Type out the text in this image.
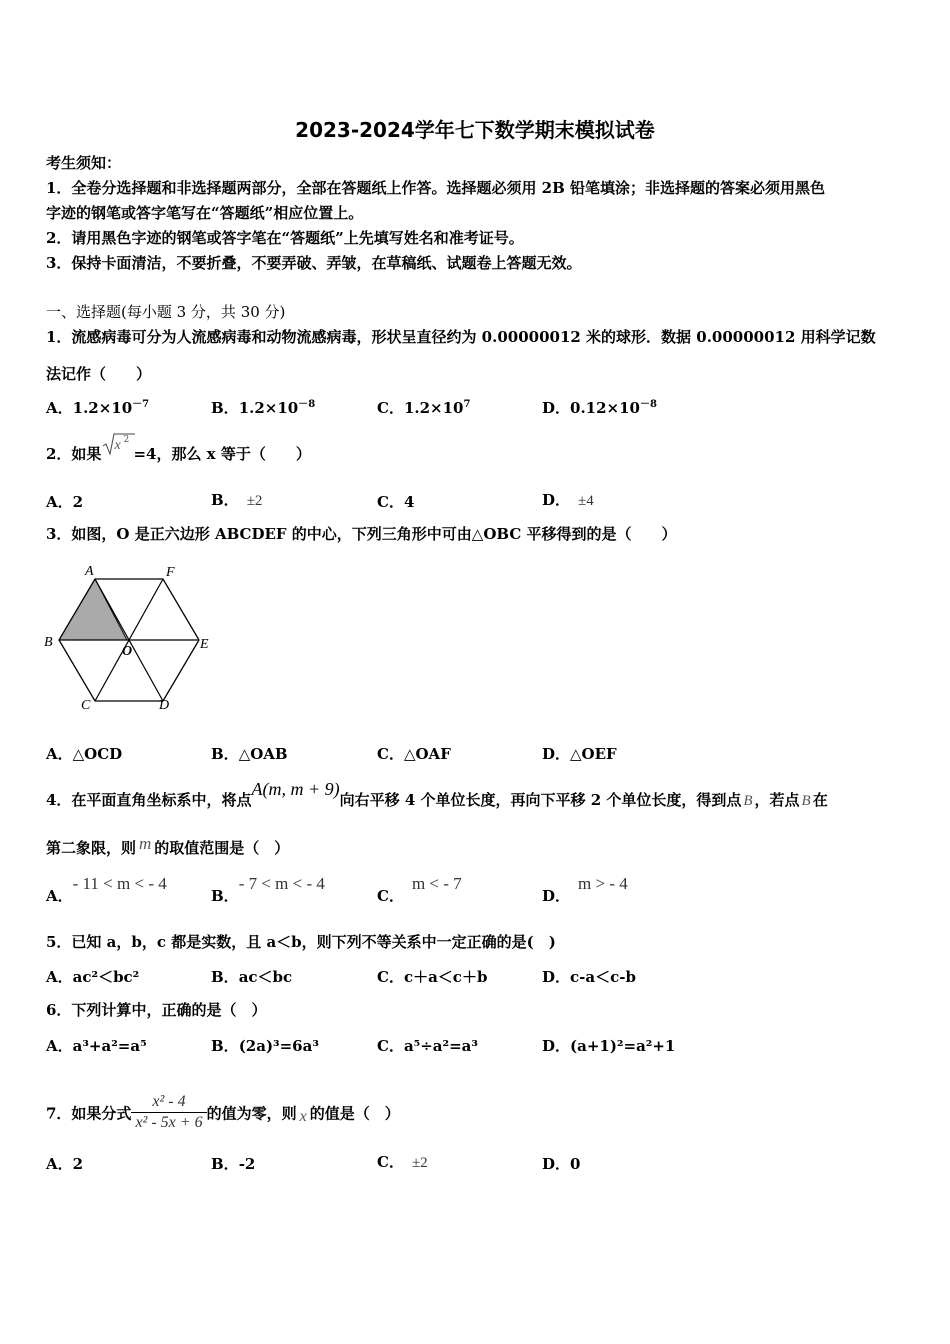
2023-2024学年七下数学期末模拟试卷
考生须知：
1．全卷分选择题和非选择题两部分，全部在答题纸上作答。选择题必须用 2B 铅笔填涂；非选择题的答案必须用黑色
字迹的钢笔或答字笔写在“答题纸”相应位置上。
2．请用黑色字迹的钢笔或答字笔在“答题纸”上先填写姓名和准考证号。
3．保持卡面清洁，不要折叠，不要弄破、弄皱，在草稿纸、试题卷上答题无效。
一、选择题(每小题 3 分，共 30 分)
1．流感病毒可分为人流感病毒和动物流感病毒，形状呈直径约为 0.00000012 米的球形．数据 0.00000012 用科学记数
法记作（　　）
A．$1.2\times 10^{-7}$	B．$1.2\times 10^{-8}$	C．$1.2\times 10^7$	D．$0.12\times 10^{-8}$
2．如果 x 2
=4，那么 x 等于（　　）
A．2	B． ±2	C．4	D． ±4
3．如图，O 是正六边形 ABCDEF 的中心，下列三角形中可由△OBC 平移得到的是（　　）
A	F
B
O	E
C	D
A．△OCD	B．△OAB	C．△OAF	D．△OEF
4．在平面直角坐标系中，将点A(m, m + 9)向右平移 4 个单位长度，再向下平移 2 个单位长度，得到点 B ，若点 B 在
第二象限，则 m 的取值范围是（　）
A．- 11 < m < - 4
B．- 7 < m < - 4
C．m < - 7
D．m > - 4
5．已知 a，b，c 都是实数，且 a＜b，则下列不等关系中一定正确的是(　)
A．ac²＜bc²	B．ac＜bc	C．c＋a＜c＋b	D．c-a＜c-b
6．下列计算中，正确的是（　）
A．a³+a²=a⁵	B．(2a)³=6a³	C．a⁵÷a²=a³	D．(a+1)²=a²+1
7．如果分式 $\frac{\text{x² - 4}}{\text{x² - 5x + 6}}$ 的值为零，则 x 的值是（　）
A．2	B．-2	C． ±2	D．0
